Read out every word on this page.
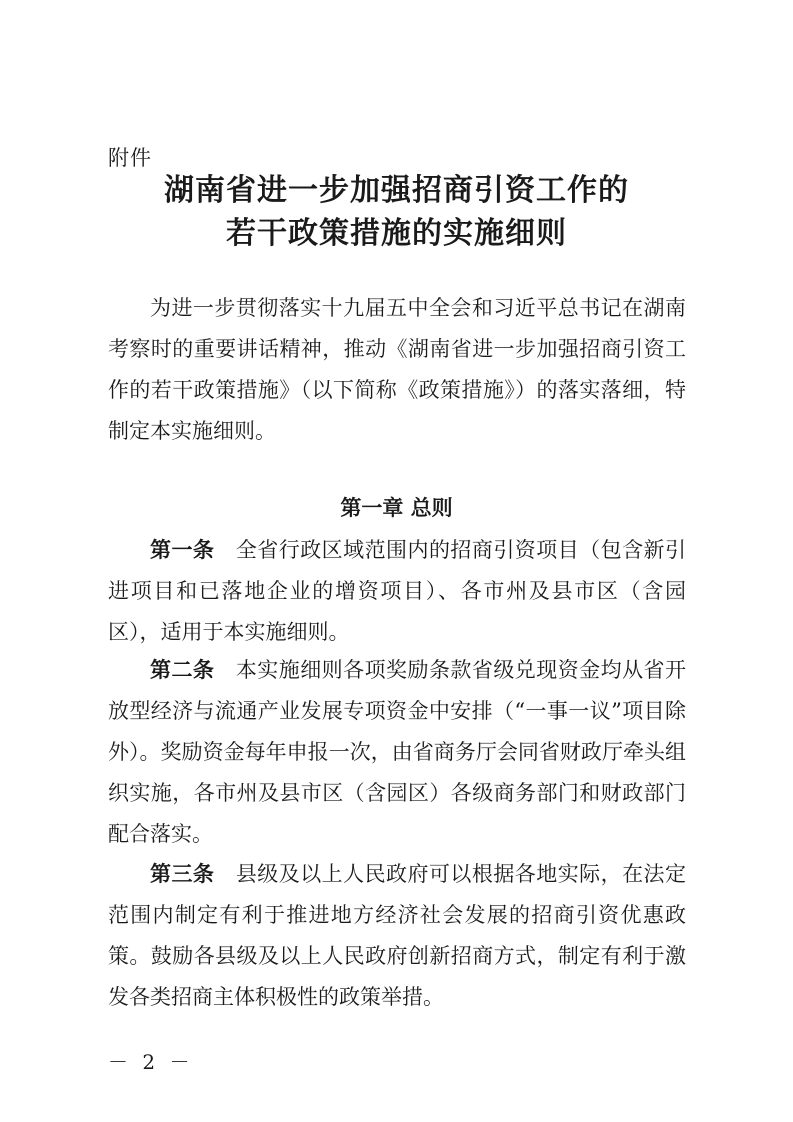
附件
湖南省进一步加强招商引资工作的
若干政策措施的实施细则

为进一步贯彻落实十九届五中全会和习近平总书记在湖南考察时的重要讲话精神，推动《湖南省进一步加强招商引资工作的若干政策措施》（以下简称《政策措施》）的落实落细，特制定本实施细则。

第一章 总则

第一条　 全省行政区域范围内的招商引资项目（包含新引进项目和已落地企业的增资项目）、各市州及县市区（含园区），适用于本实施细则。

第二条　 本实施细则各项奖励条款省级兑现资金均从省开放型经济与流通产业发展专项资金中安排（“一事一议”项目除外）。奖励资金每年申报一次，由省商务厅会同省财政厅牵头组织实施，各市州及县市区（含园区）各级商务部门和财政部门配合落实。

第三条　 县级及以上人民政府可以根据各地实际，在法定范围内制定有利于推进地方经济社会发展的招商引资优惠政策。鼓励各县级及以上人民政府创新招商方式，制定有利于激发各类招商主体积极性的政策举措。

－ 2 －
